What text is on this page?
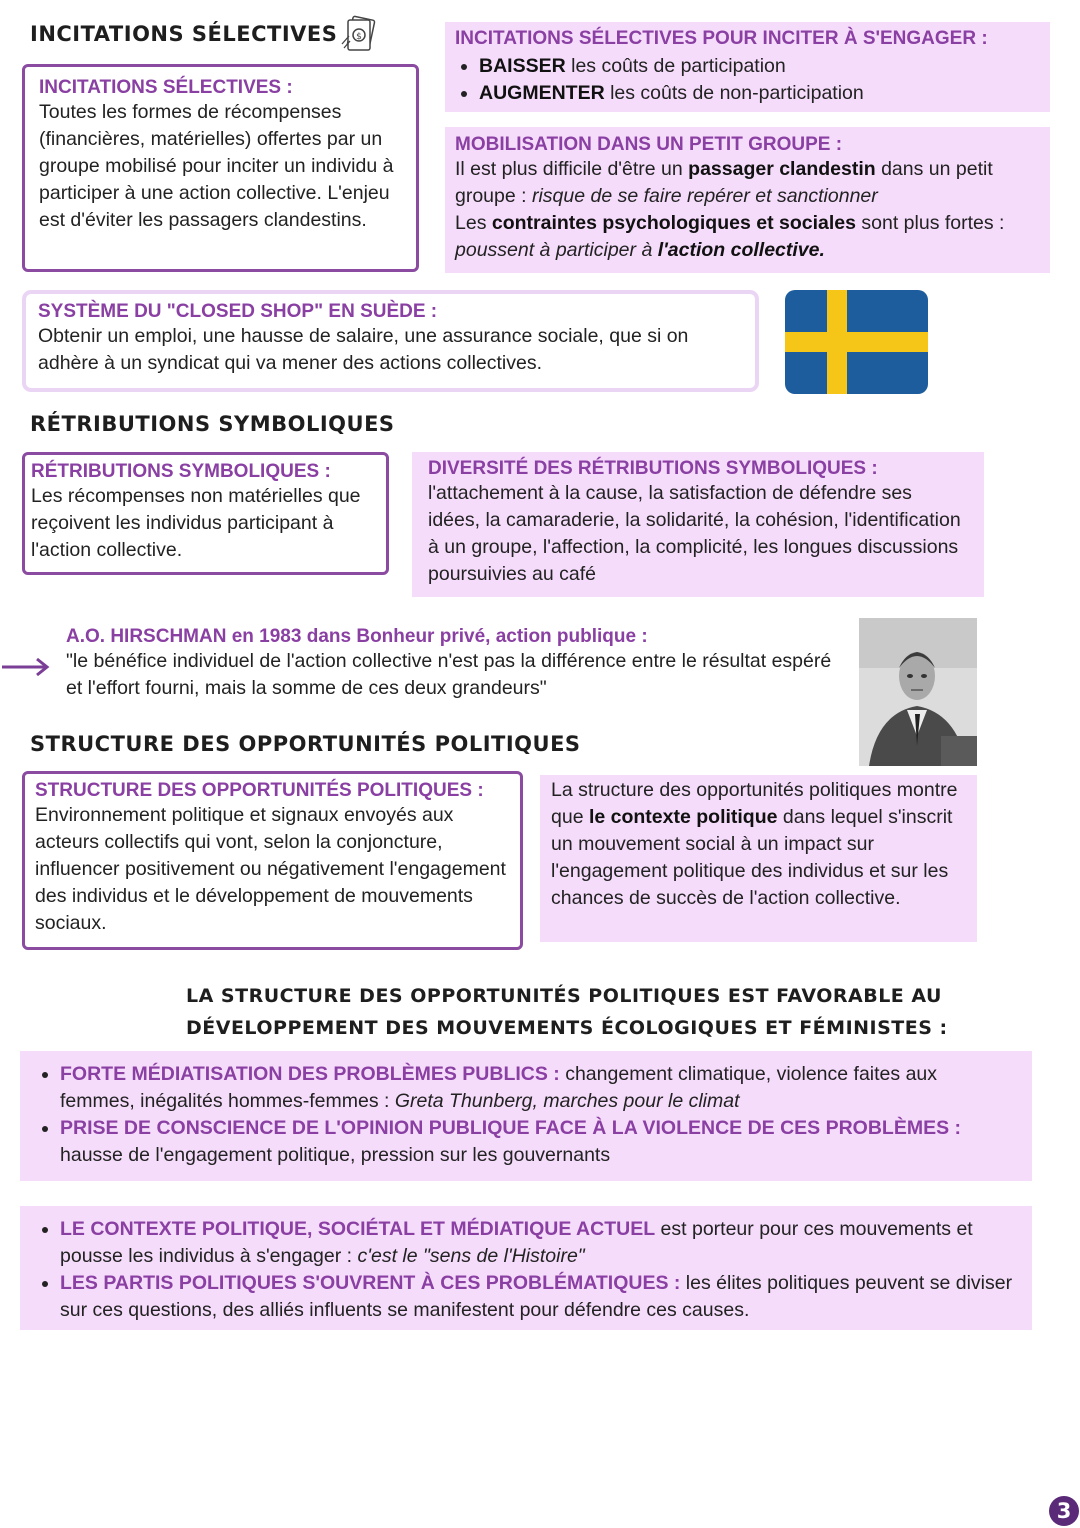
INCITATIONS SÉLECTIVES $
INCITATIONS SÉLECTIVES :
Toutes les formes de récompenses (financières, matérielles) offertes par un groupe mobilisé pour inciter un individu à participer à une action collective. L'enjeu est d'éviter les passagers clandestins.
INCITATIONS SÉLECTIVES POUR INCITER À S'ENGAGER :
• BAISSER les coûts de participation
• AUGMENTER les coûts de non-participation
MOBILISATION DANS UN PETIT GROUPE :
Il est plus difficile d'être un passager clandestin dans un petit groupe : risque de se faire repérer et sanctionner
Les contraintes psychologiques et sociales sont plus fortes : poussent à participer à l'action collective.
SYSTÈME DU "CLOSED SHOP" EN SUÈDE :
Obtenir un emploi, une hausse de salaire, une assurance sociale, que si on adhère à un syndicat qui va mener des actions collectives.
RÉTRIBUTIONS SYMBOLIQUES
RÉTRIBUTIONS SYMBOLIQUES :
Les récompenses non matérielles que reçoivent les individus participant à l'action collective.
DIVERSITÉ DES RÉTRIBUTIONS SYMBOLIQUES :
l'attachement à la cause, la satisfaction de défendre ses idées, la camaraderie, la solidarité, la cohésion, l'identification à un groupe, l'affection, la complicité, les longues discussions poursuivies au café
A.O. HIRSCHMAN en 1983 dans Bonheur privé, action publique :
"le bénéfice individuel de l'action collective n'est pas la différence entre le résultat espéré et l'effort fourni, mais la somme de ces deux grandeurs"
STRUCTURE DES OPPORTUNITÉS POLITIQUES
STRUCTURE DES OPPORTUNITÉS POLITIQUES :
Environnement politique et signaux envoyés aux acteurs collectifs qui vont, selon la conjoncture, influencer positivement ou négativement l'engagement des individus et le développement de mouvements sociaux.
La structure des opportunités politiques montre que le contexte politique dans lequel s'inscrit un mouvement social à un impact sur l'engagement politique des individus et sur les chances de succès de l'action collective.
LA STRUCTURE DES OPPORTUNITÉS POLITIQUES EST FAVORABLE AU
DÉVELOPPEMENT DES MOUVEMENTS ÉCOLOGIQUES ET FÉMINISTES :
• FORTE MÉDIATISATION DES PROBLÈMES PUBLICS : changement climatique, violence faites aux femmes, inégalités hommes-femmes : Greta Thunberg, marches pour le climat
• PRISE DE CONSCIENCE DE L'OPINION PUBLIQUE FACE À LA VIOLENCE DE CES PROBLÈMES : hausse de l'engagement politique, pression sur les gouvernants
• LE CONTEXTE POLITIQUE, SOCIÉTAL ET MÉDIATIQUE ACTUEL est porteur pour ces mouvements et pousse les individus à s'engager : c'est le "sens de l'Histoire"
• LES PARTIS POLITIQUES S'OUVRENT À CES PROBLÉMATIQUES : les élites politiques peuvent se diviser sur ces questions, des alliés influents se manifestent pour défendre ces causes.
3
